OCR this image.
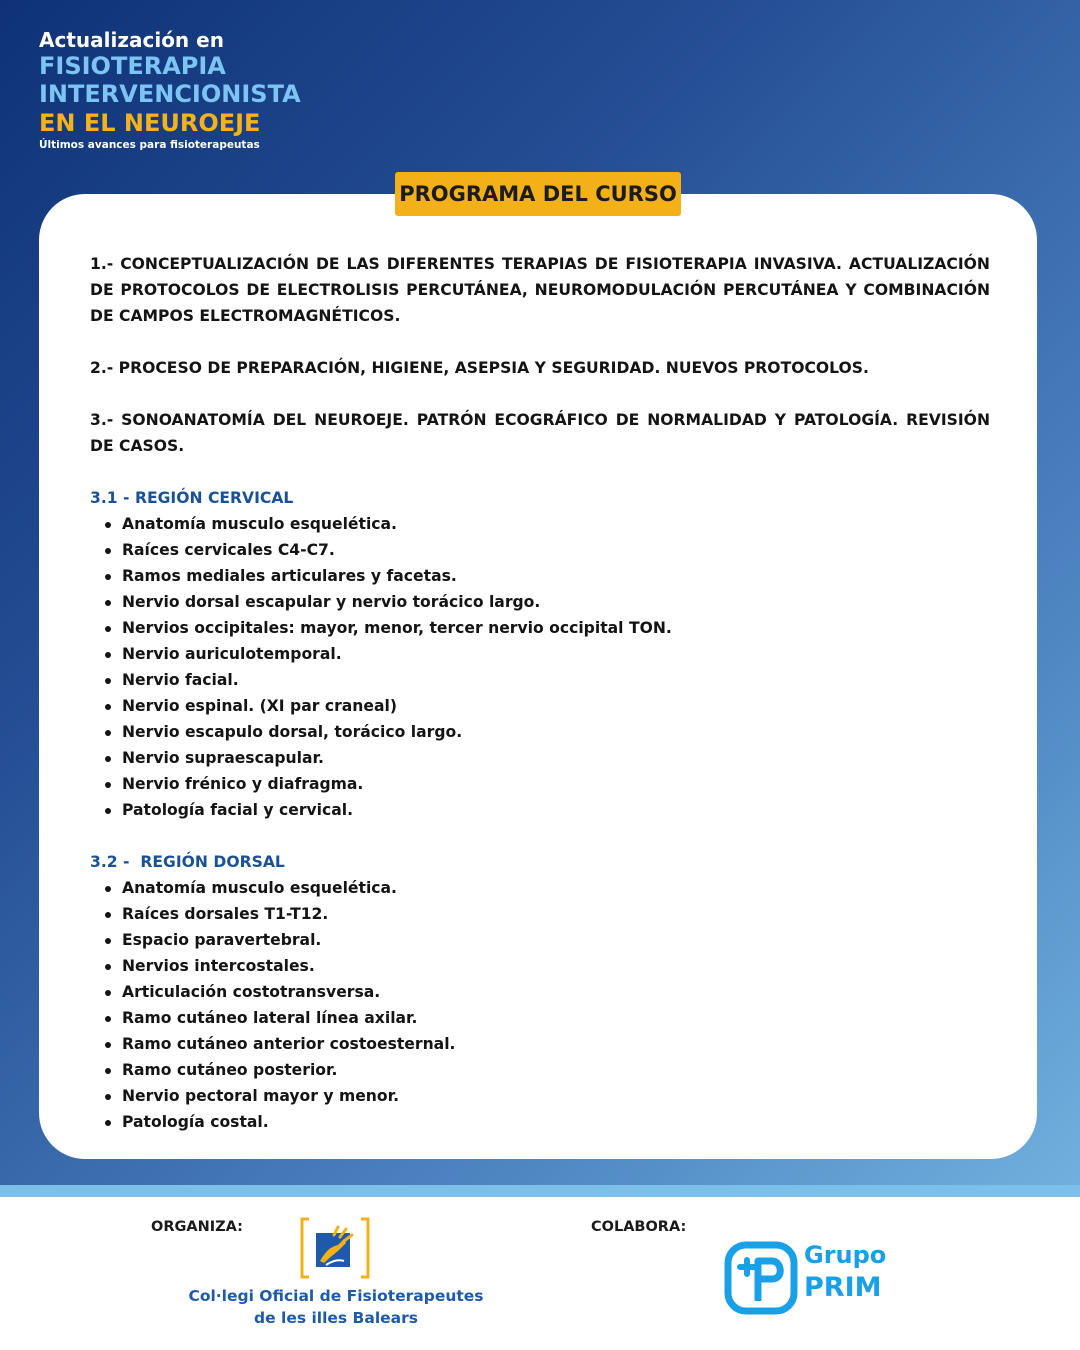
Actualización en
FISIOTERAPIA
INTERVENCIONISTA
EN EL NEUROEJE
Últimos avances para fisioterapeutas
PROGRAMA DEL CURSO

1.- CONCEPTUALIZACIÓN DE LAS DIFERENTES TERAPIAS DE FISIOTERAPIA INVASIVA. ACTUALIZACIÓN DE PROTOCOLOS DE ELECTROLISIS PERCUTÁNEA, NEUROMODULACIÓN PERCUTÁNEA Y COMBINACIÓN DE CAMPOS ELECTROMAGNÉTICOS.

2.- PROCESO DE PREPARACIÓN, HIGIENE, ASEPSIA Y SEGURIDAD. NUEVOS PROTOCOLOS.

3.- SONOANATOMÍA DEL NEUROEJE. PATRÓN ECOGRÁFICO DE NORMALIDAD Y PATOLOGÍA. REVISIÓN DE CASOS.

3.1 - REGIÓN CERVICAL
Anatomía musculo esquelética.
Raíces cervicales C4-C7.
Ramos mediales articulares y facetas.
Nervio dorsal escapular y nervio torácico largo.
Nervios occipitales: mayor, menor, tercer nervio occipital TON.
Nervio auriculotemporal.
Nervio facial.
Nervio espinal. (XI par craneal)
Nervio escapulo dorsal, torácico largo.
Nervio supraescapular.
Nervio frénico y diafragma.
Patología facial y cervical.
3.2 -  REGIÓN DORSAL
Anatomía musculo esquelética.
Raíces dorsales T1-T12.
Espacio paravertebral.
Nervios intercostales.
Articulación costotransversa.
Ramo cutáneo lateral línea axilar.
Ramo cutáneo anterior costoesternal.
Ramo cutáneo posterior.
Nervio pectoral mayor y menor.
Patología costal.
ORGANIZA:	COLABORA:
Col·legi Oficial de Fisioterapeutes
de les illes Balears
Grupo
PRIM
